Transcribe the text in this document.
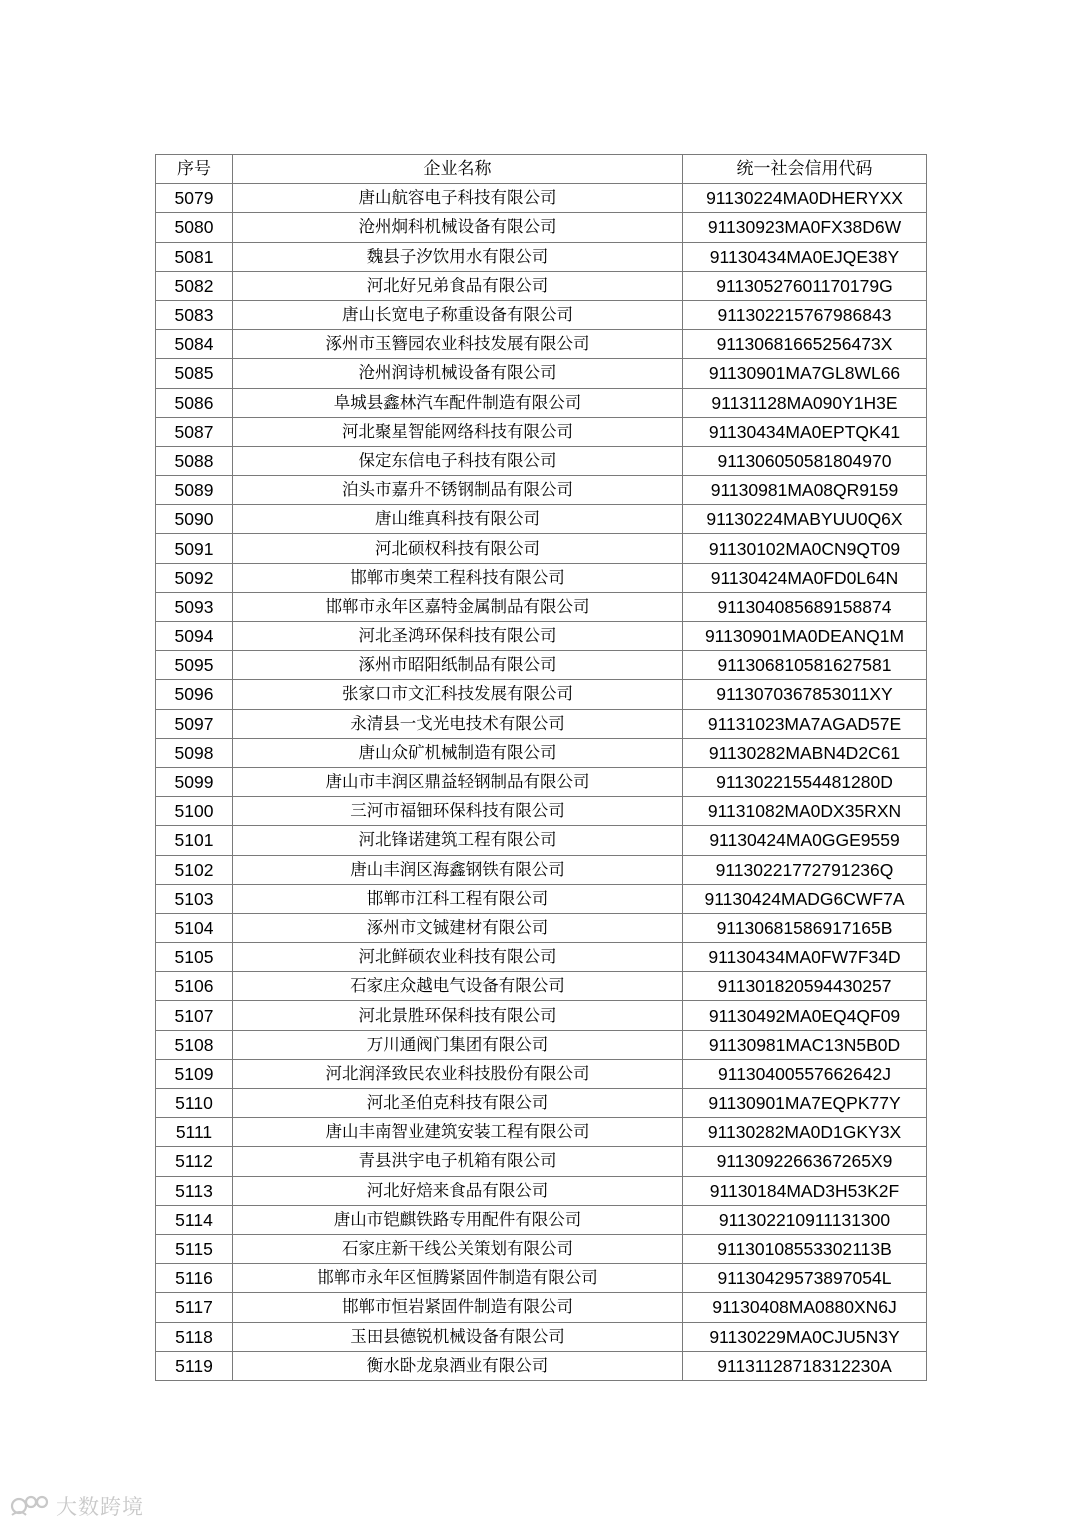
序号	企业名称	统一社会信用代码
5079	唐山航容电子科技有限公司	91130224MA0DHERYXX
5080	沧州炯科机械设备有限公司	91130923MA0FX38D6W
5081	魏县子汐饮用水有限公司	91130434MA0EJQE38Y
5082	河北好兄弟食品有限公司	91130527601170179G
5083	唐山长宽电子称重设备有限公司	911302215767986843
5084	涿州市玉簪园农业科技发展有限公司	91130681665256473X
5085	沧州润诗机械设备有限公司	91130901MA7GL8WL66
5086	阜城县鑫林汽车配件制造有限公司	91131128MA090Y1H3E
5087	河北聚星智能网络科技有限公司	91130434MA0EPTQK41
5088	保定东信电子科技有限公司	911306050581804970
5089	泊头市嘉升不锈钢制品有限公司	91130981MA08QR9159
5090	唐山维真科技有限公司	91130224MABYUU0Q6X
5091	河北硕权科技有限公司	91130102MA0CN9QT09
5092	邯郸市奥荣工程科技有限公司	91130424MA0FD0L64N
5093	邯郸市永年区嘉特金属制品有限公司	911304085689158874
5094	河北圣鸿环保科技有限公司	91130901MA0DEANQ1M
5095	涿州市昭阳纸制品有限公司	911306810581627581
5096	张家口市文汇科技发展有限公司	9113070367853011XY
5097	永清县一戈光电技术有限公司	91131023MA7AGAD57E
5098	唐山众矿机械制造有限公司	91130282MABN4D2C61
5099	唐山市丰润区鼎益轻钢制品有限公司	91130221554481280D
5100	三河市福钿环保科技有限公司	91131082MA0DX35RXN
5101	河北锋诺建筑工程有限公司	91130424MA0GGE9559
5102	唐山丰润区海鑫钢铁有限公司	91130221772791236Q
5103	邯郸市江科工程有限公司	91130424MADG6CWF7A
5104	涿州市文铖建材有限公司	91130681586917165B
5105	河北鲜硕农业科技有限公司	91130434MA0FW7F34D
5106	石家庄众越电气设备有限公司	911301820594430257
5107	河北景胜环保科技有限公司	91130492MA0EQ4QF09
5108	万川通阀门集团有限公司	91130981MAC13N5B0D
5109	河北润泽致民农业科技股份有限公司	91130400557662642J
5110	河北圣伯克科技有限公司	91130901MA7EQPK77Y
5111	唐山丰南智业建筑安装工程有限公司	91130282MA0D1GKY3X
5112	青县洪宇电子机箱有限公司	9113092266367265X9
5113	河北好焙来食品有限公司	91130184MAD3H53K2F
5114	唐山市铠麒铁路专用配件有限公司	911302210911131300
5115	石家庄新干线公关策划有限公司	91130108553302113B
5116	邯郸市永年区恒腾紧固件制造有限公司	91130429573897054L
5117	邯郸市恒岩紧固件制造有限公司	91130408MA0880XN6J
5118	玉田县德锐机械设备有限公司	91130229MA0CJU5N3Y
5119	衡水卧龙泉酒业有限公司	91131128718312230A
大数跨境
